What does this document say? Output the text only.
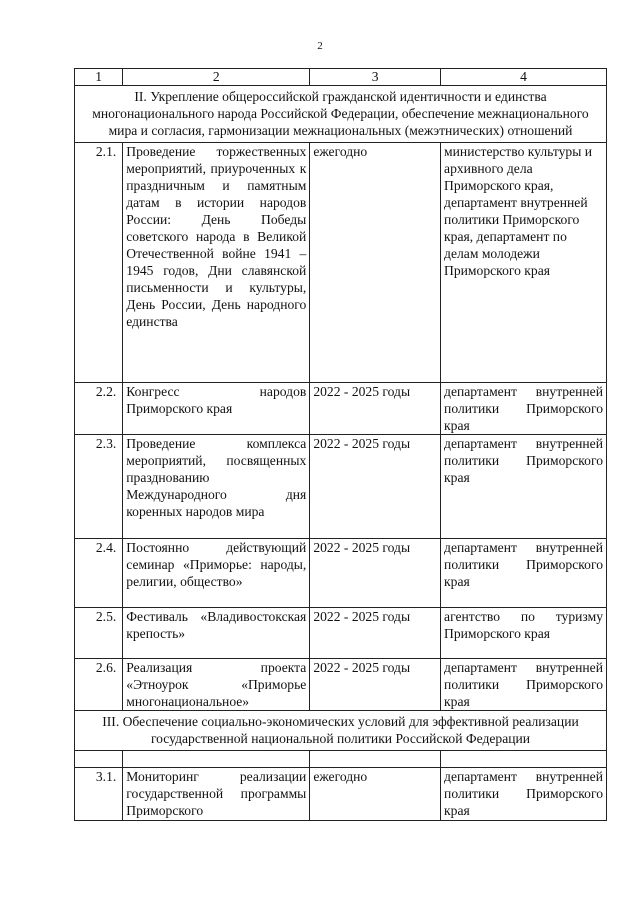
2
1	2	3	4
II. Укрепление общероссийской гражданской идентичности и единства многонационального народа Российской Федерации, обеспечение межнационального мира и согласия, гармонизации межнациональных (межэтнических) отношений			
2.1.	Проведение торжественных мероприятий, приуроченных к праздничным и памятным датам в истории народов России: День Победы советского народа в Великой Отечественной войне 1941 – 1945 годов, Дни славянской письменности и культуры, День России, День народного единства	ежегодно	министерство культуры и архивного дела Приморского края, департамент внутренней политики Приморского края, департамент по делам молодежи Приморского края
2.2.	Конгресс народов Приморского края	2022 - 2025 годы	департамент внутренней политики Приморского края
2.3.	Проведение комплекса мероприятий, посвященных празднованию Международного дня коренных народов мира	2022 - 2025 годы	департамент внутренней политики Приморского края
2.4.	Постоянно действующий семинар «Приморье: народы, религии, общество»	2022 - 2025 годы	департамент внутренней политики Приморского края
2.5.	Фестиваль «Владивостокская крепость»	2022 - 2025 годы	агентство по туризму Приморского края
2.6.	Реализация проекта «Этноурок «Приморье многонациональное»	2022 - 2025 годы	департамент внутренней политики Приморского края
III. Обеспечение социально-экономических условий для эффективной реализации государственной национальной политики Российской Федерации			

3.1.	Мониторинг реализации государственной программы Приморского	ежегодно	департамент внутренней политики Приморского края
